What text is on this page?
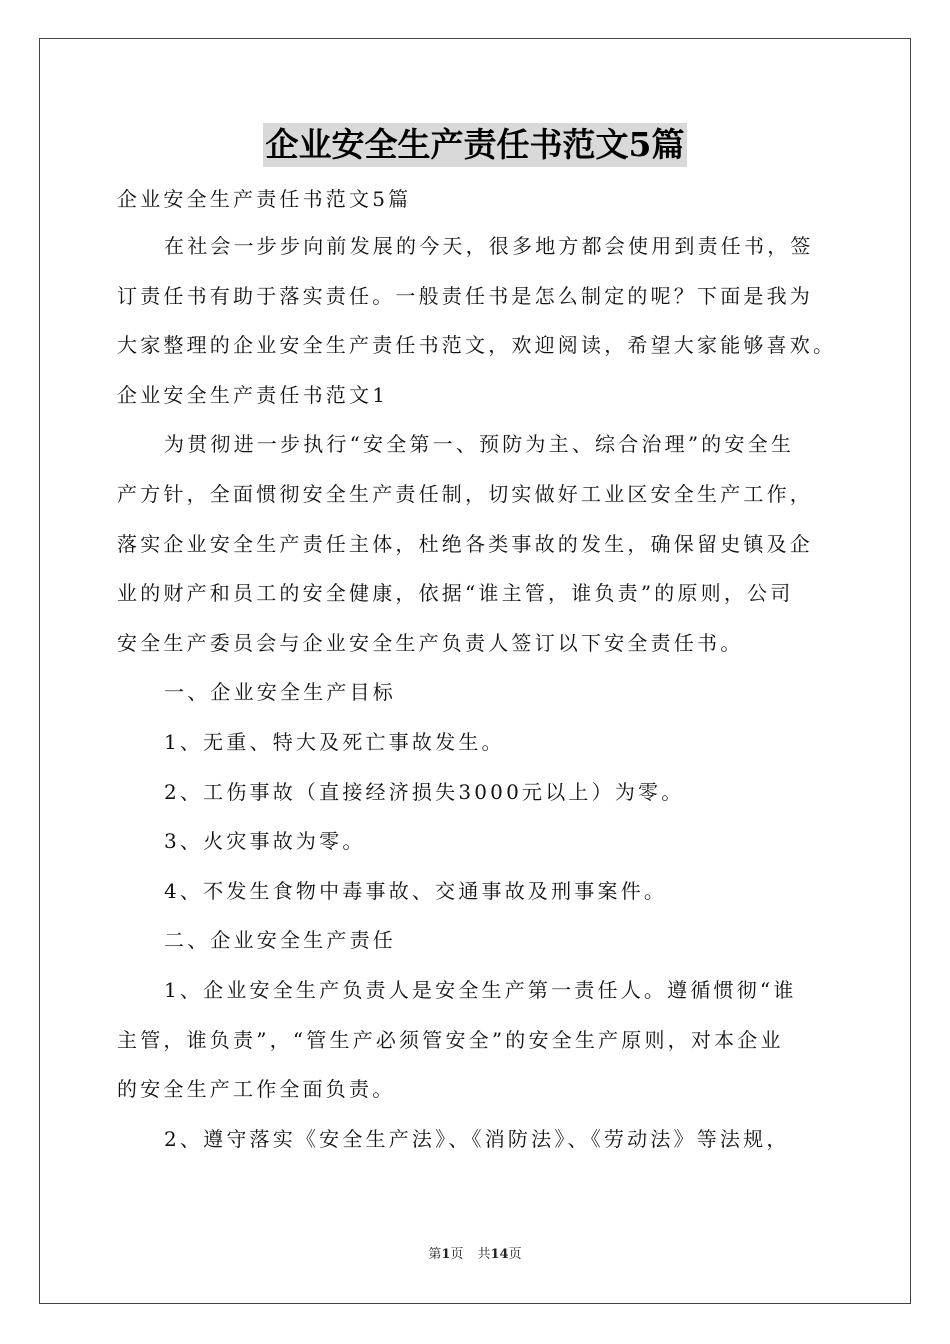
企业安全生产责任书范文5篇
企业安全生产责任书范文5篇
在社会一步步向前发展的今天，很多地方都会使用到责任书，签
订责任书有助于落实责任。一般责任书是怎么制定的呢？下面是我为
大家整理的企业安全生产责任书范文，欢迎阅读，希望大家能够喜欢。
企业安全生产责任书范文1
为贯彻进一步执行“安全第一、预防为主、综合治理”的安全生
产方针，全面惯彻安全生产责任制，切实做好工业区安全生产工作，
落实企业安全生产责任主体，杜绝各类事故的发生，确保留史镇及企
业的财产和员工的安全健康，依据“谁主管，谁负责”的原则，公司
安全生产委员会与企业安全生产负责人签订以下安全责任书。
一、企业安全生产目标
1、无重、特大及死亡事故发生。
2、工伤事故（直接经济损失3000元以上）为零。
3、火灾事故为零。
4、不发生食物中毒事故、交通事故及刑事案件。
二、企业安全生产责任
1、企业安全生产负责人是安全生产第一责任人。遵循惯彻“谁
主管，谁负责”，“管生产必须管安全”的安全生产原则，对本企业
的安全生产工作全面负责。
2、遵守落实《安全生产法》、《消防法》、《劳动法》等法规，
第1页 共14页
